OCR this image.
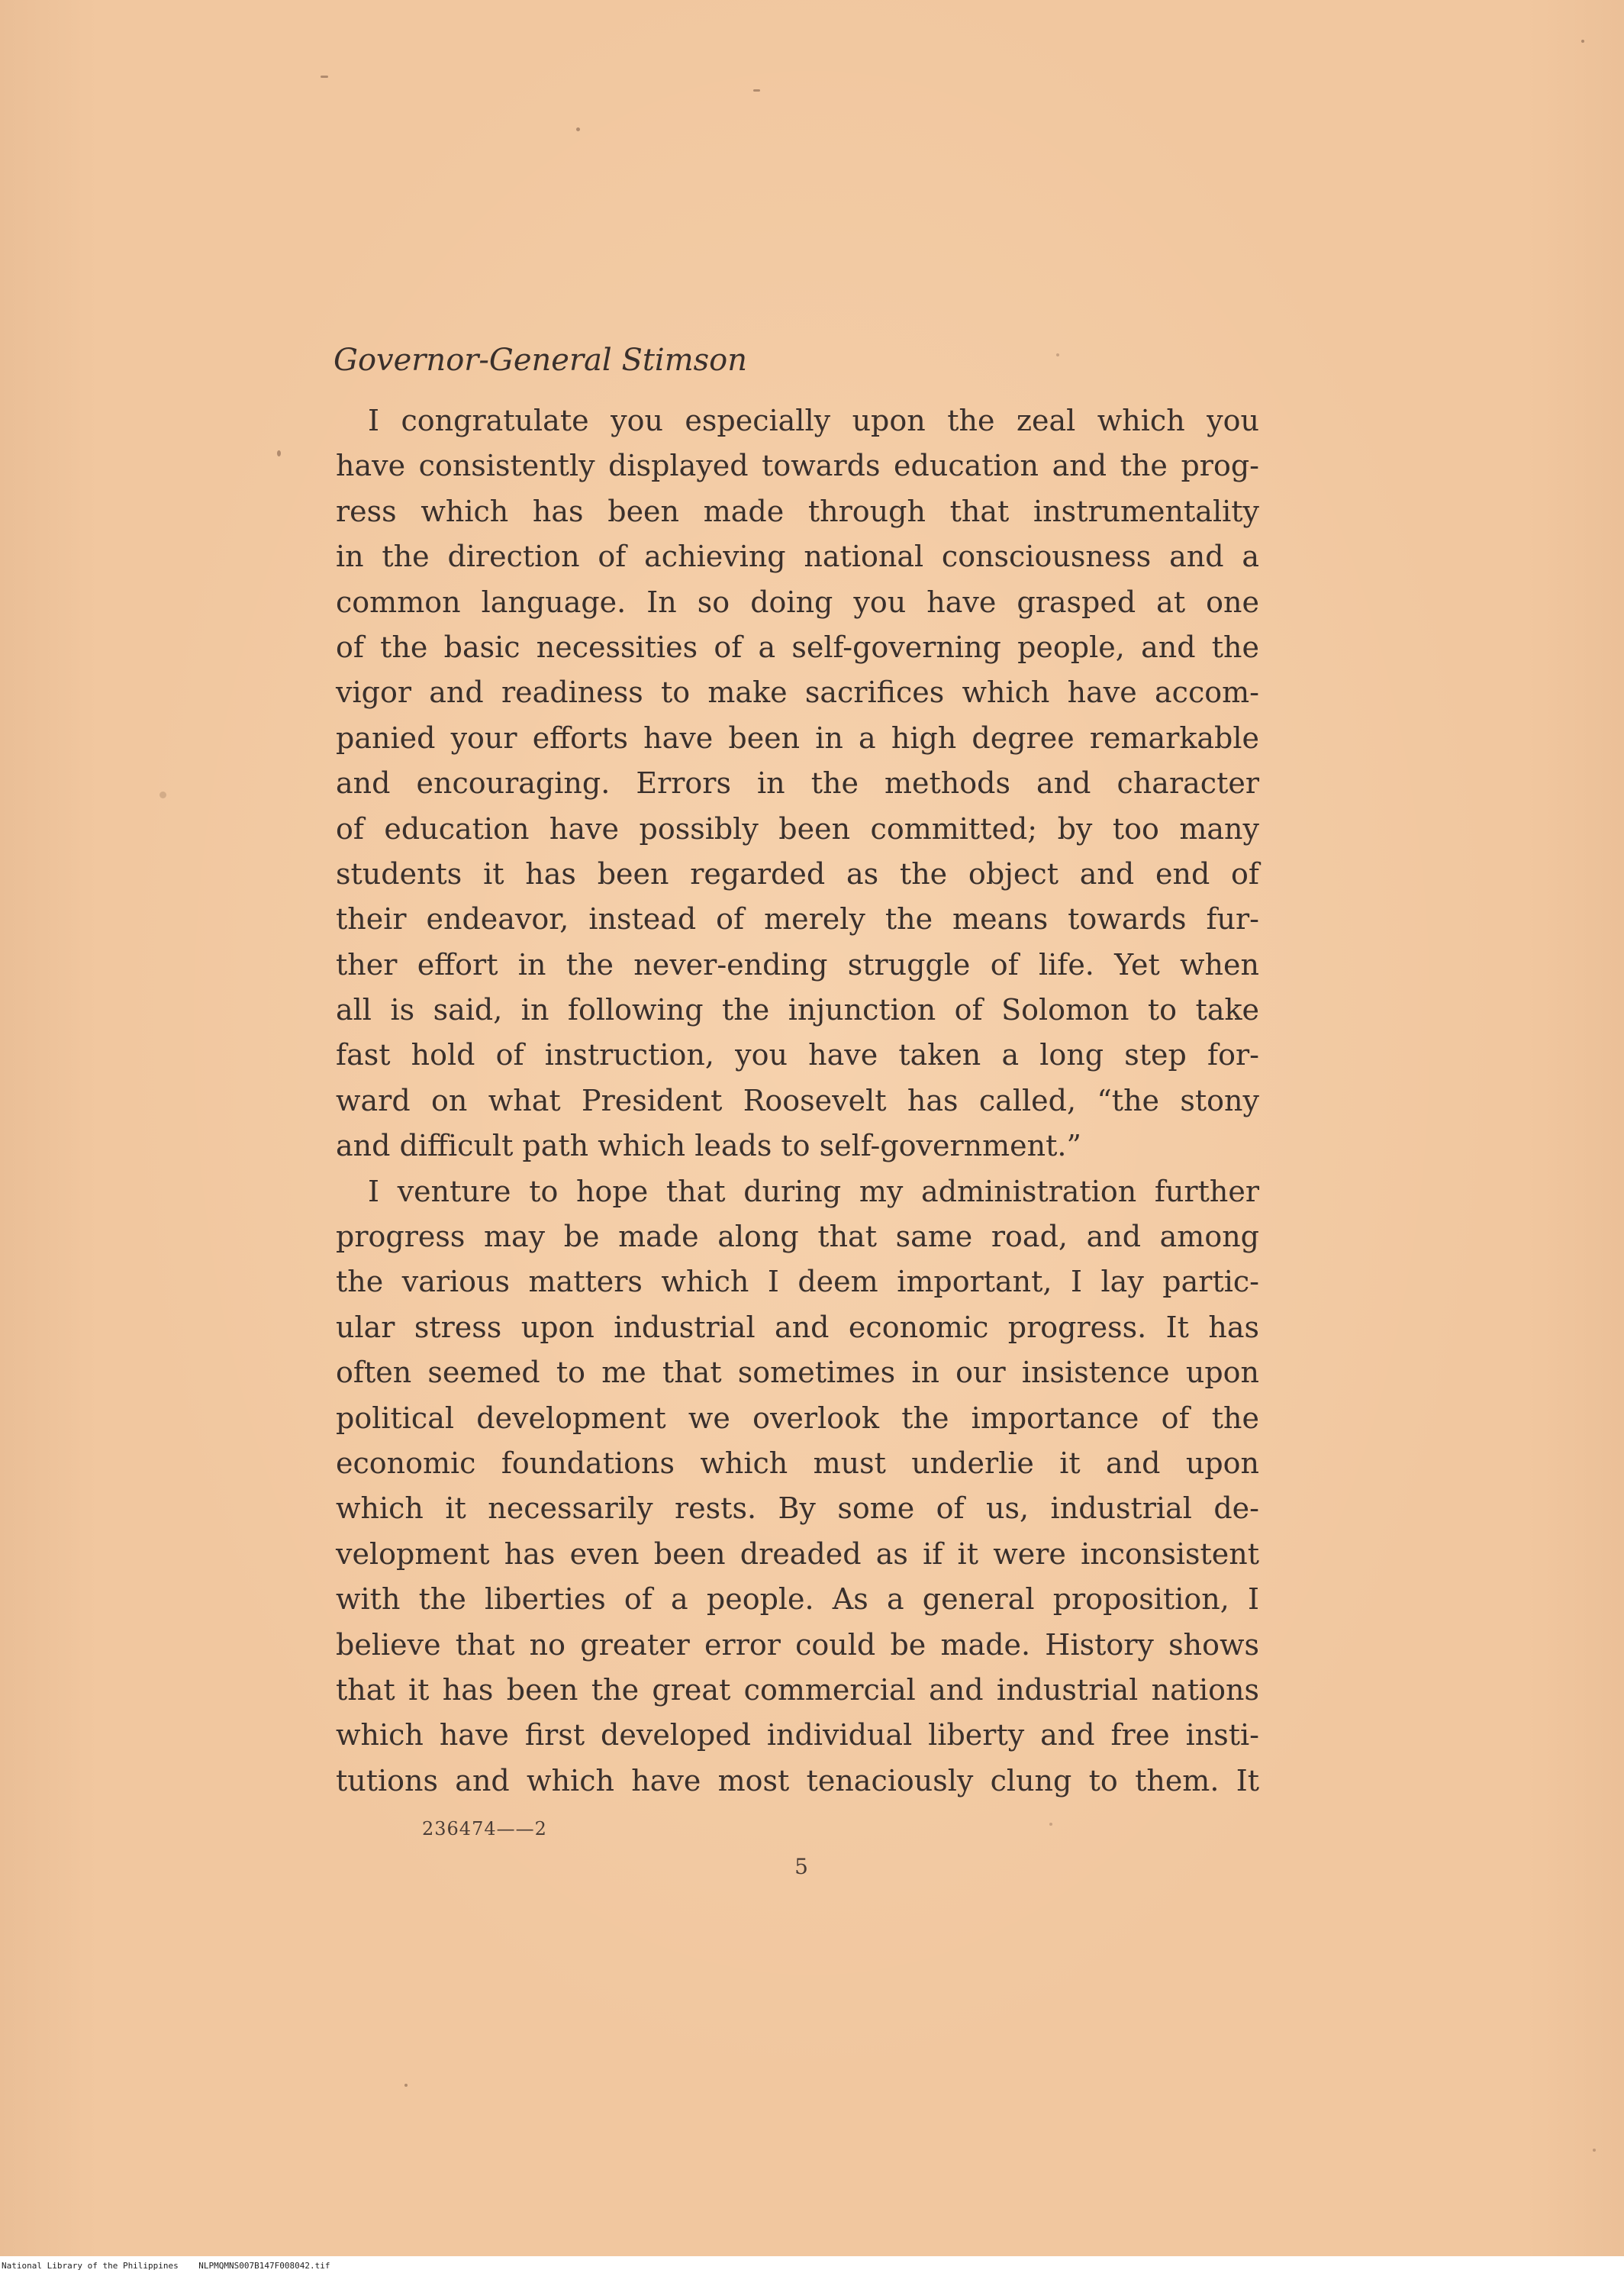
Governor-General Stimson
I congratulate you especially upon the zeal which you
have consistently displayed towards education and the prog-
ress which has been made through that instrumentality
in the direction of achieving national consciousness and a
common language. In so doing you have grasped at one
of the basic necessities of a self-governing people, and the
vigor and readiness to make sacrifices which have accom-
panied your efforts have been in a high degree remarkable
and encouraging. Errors in the methods and character
of education have possibly been committed; by too many
students it has been regarded as the object and end of
their endeavor, instead of merely the means towards fur-
ther effort in the never-ending struggle of life. Yet when
all is said, in following the injunction of Solomon to take
fast hold of instruction, you have taken a long step for-
ward on what President Roosevelt has called, “the stony
and difficult path which leads to self-government.”
I venture to hope that during my administration further
progress may be made along that same road, and among
the various matters which I deem important, I lay partic-
ular stress upon industrial and economic progress. It has
often seemed to me that sometimes in our insistence upon
political development we overlook the importance of the
economic foundations which must underlie it and upon
which it necessarily rests. By some of us, industrial de-
velopment has even been dreaded as if it were inconsistent
with the liberties of a people. As a general proposition, I
believe that no greater error could be made. History shows
that it has been the great commercial and industrial nations
which have first developed individual liberty and free insti-
tutions and which have most tenaciously clung to them. It
236474——2
5
National Library of the Philippines    NLPMQMNS007B147F008042.tif
